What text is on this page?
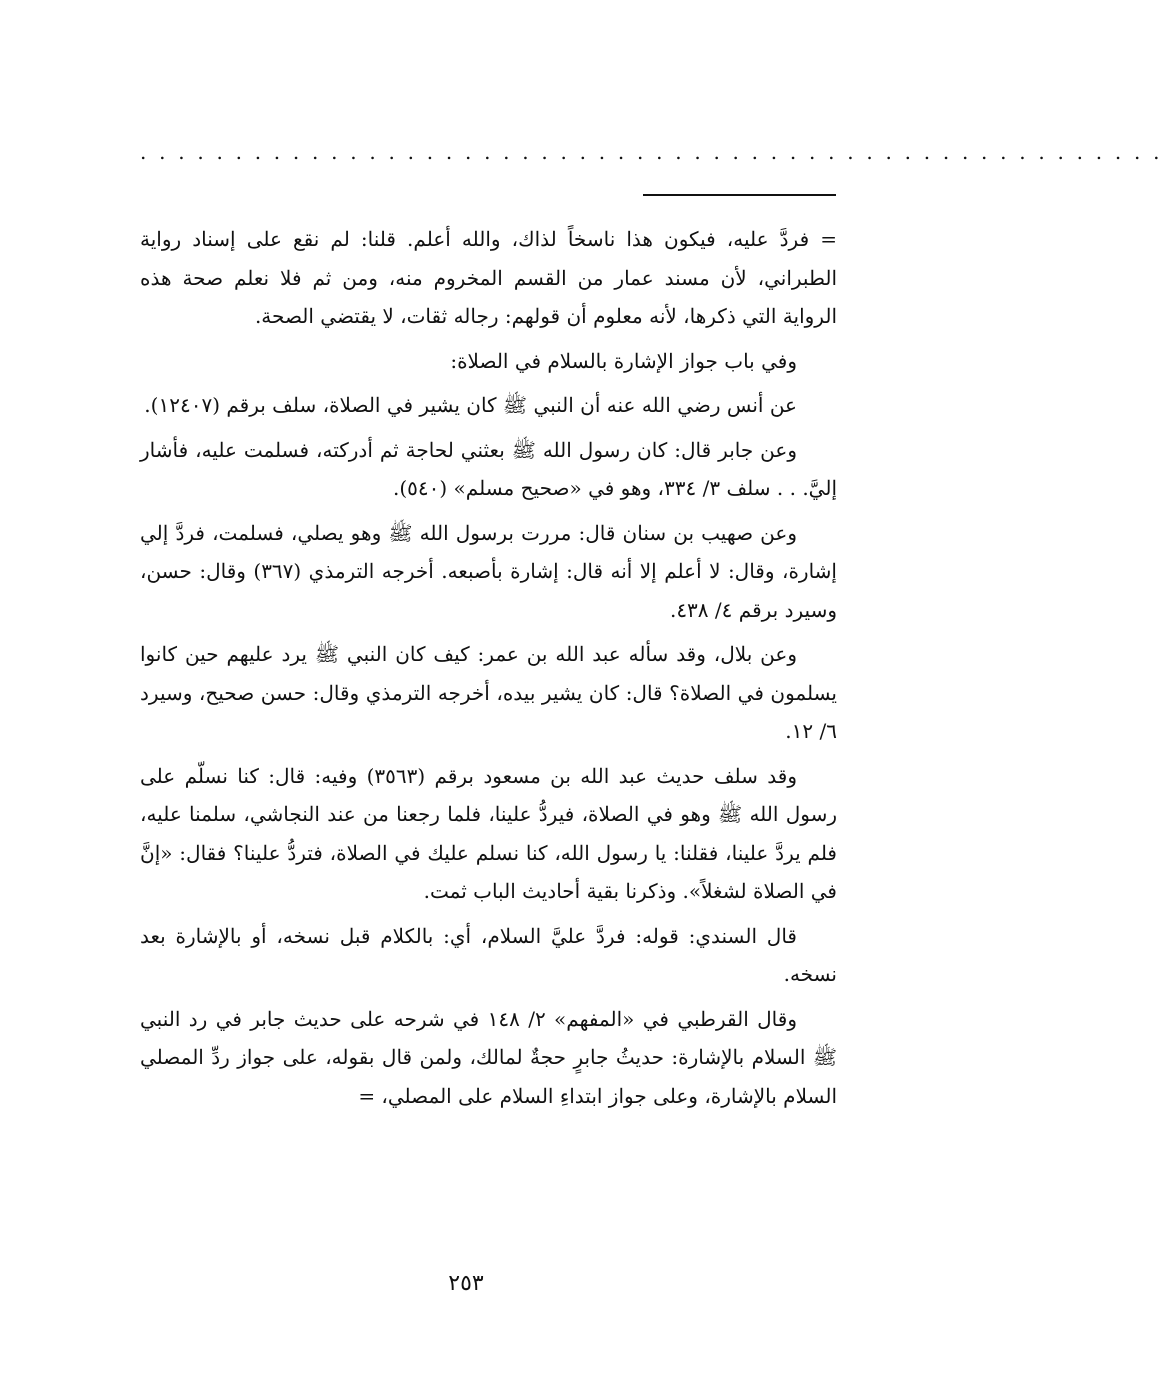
. . . . . . . . . . . . . . . . . . . . . . . . . . . . . . . . . . . . . . . . . . . . . . . . . . . . . .

= فردَّ عليه، فيكون هذا ناسخاً لذاك، والله أعلم. قلنا: لم نقع على إسناد رواية الطبراني، لأن مسند عمار من القسم المخروم منه، ومن ثم فلا نعلم صحة هذه الرواية التي ذكرها، لأنه معلوم أن قولهم: رجاله ثقات، لا يقتضي الصحة.

وفي باب جواز الإشارة بالسلام في الصلاة:

عن أنس رضي الله عنه أن النبي ﷺ كان يشير في الصلاة، سلف برقم (١٢٤٠٧).

وعن جابر قال: كان رسول الله ﷺ بعثني لحاجة ثم أدركته، فسلمت عليه، فأشار إليَّ. . . سلف ٣/ ٣٣٤، وهو في «صحيح مسلم» (٥٤٠).

وعن صهيب بن سنان قال: مررت برسول الله ﷺ وهو يصلي، فسلمت، فردَّ إلي إشارة، وقال: لا أعلم إلا أنه قال: إشارة بأصبعه. أخرجه الترمذي (٣٦٧) وقال: حسن، وسيرد برقم ٤/ ٤٣٨.

وعن بلال، وقد سأله عبد الله بن عمر: كيف كان النبي ﷺ يرد عليهم حين كانوا يسلمون في الصلاة؟ قال: كان يشير بيده، أخرجه الترمذي وقال: حسن صحيح، وسيرد ٦/ ١٢.

وقد سلف حديث عبد الله بن مسعود برقم (٣٥٦٣) وفيه: قال: كنا نسلّم على رسول الله ﷺ وهو في الصلاة، فيردُّ علينا، فلما رجعنا من عند النجاشي، سلمنا عليه، فلم يردَّ علينا، فقلنا: يا رسول الله، كنا نسلم عليك في الصلاة، فتردُّ علينا؟ فقال: «إنَّ في الصلاة لشغلاً». وذكرنا بقية أحاديث الباب ثمت.

قال السندي: قوله: فردَّ عليَّ السلام، أي: بالكلام قبل نسخه، أو بالإشارة بعد نسخه.

وقال القرطبي في «المفهم» ٢/ ١٤٨ في شرحه على حديث جابر في رد النبي ﷺ السلام بالإشارة: حديثُ جابرٍ حجةٌ لمالك، ولمن قال بقوله، على جواز ردِّ المصلي السلام بالإشارة، وعلى جواز ابتداءِ السلام على المصلي، =

٢٥٣
